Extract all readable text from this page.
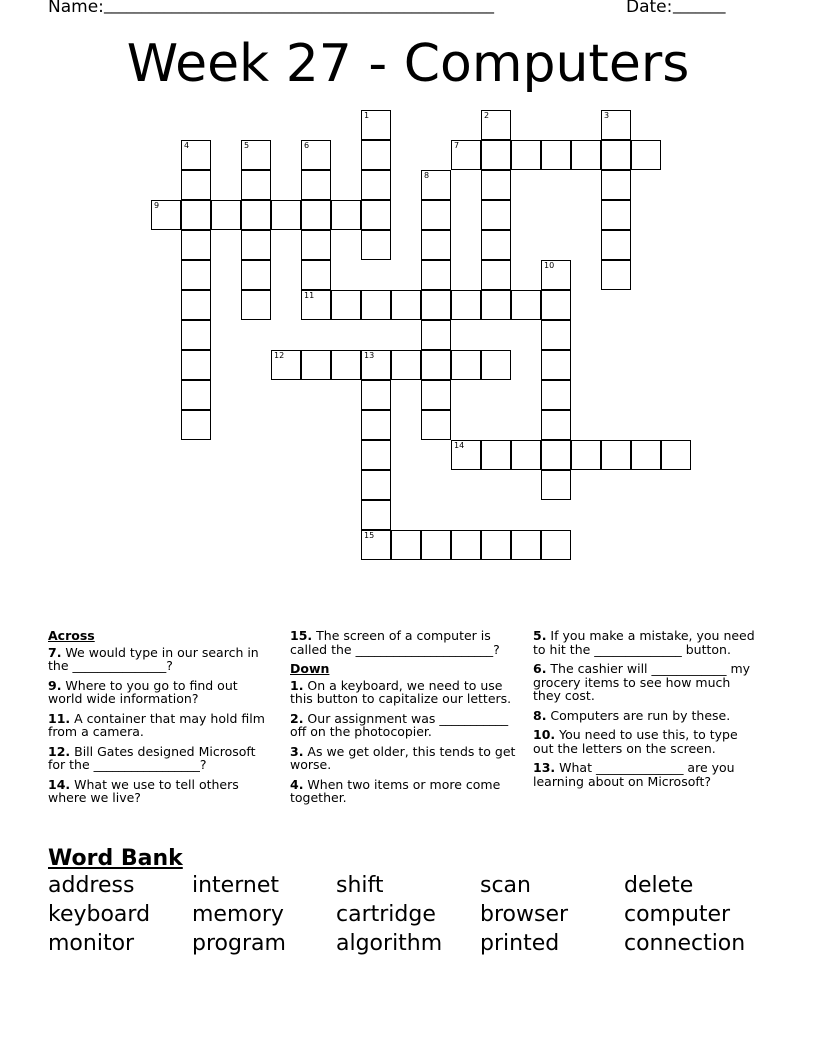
Name: ____________________________________________________	Date: _______
Week 27 - Computers
1	2	3
4	5	6
11
7
8
9
10
12	13
15
14
Across
7. We would type in our search in the _______________?
9. Where to you go to find out world wide information?
11. A container that may hold film from a camera.
12. Bill Gates designed Microsoft for the _________________?
14. What we use to tell others where we live?
15. The screen of a computer is called the ______________________?
Down
1. On a keyboard, we need to use this button to capitalize our letters.
2. Our assignment was ___________ off on the photocopier.
3. As we get older, this tends to get worse.
4. When two items or more come together.
5. If you make a mistake, you need to hit the ______________ button.
6. The cashier will ____________ my grocery items to see how much they cost.
8. Computers are run by these.
10. You need to use this, to type out the letters on the screen.
13. What ______________ are you learning about on Microsoft?
Word Bank
address	internet	shift	scan	delete
keyboard	memory	cartridge	browser	computer
monitor	program	algorithm	printed	connection
